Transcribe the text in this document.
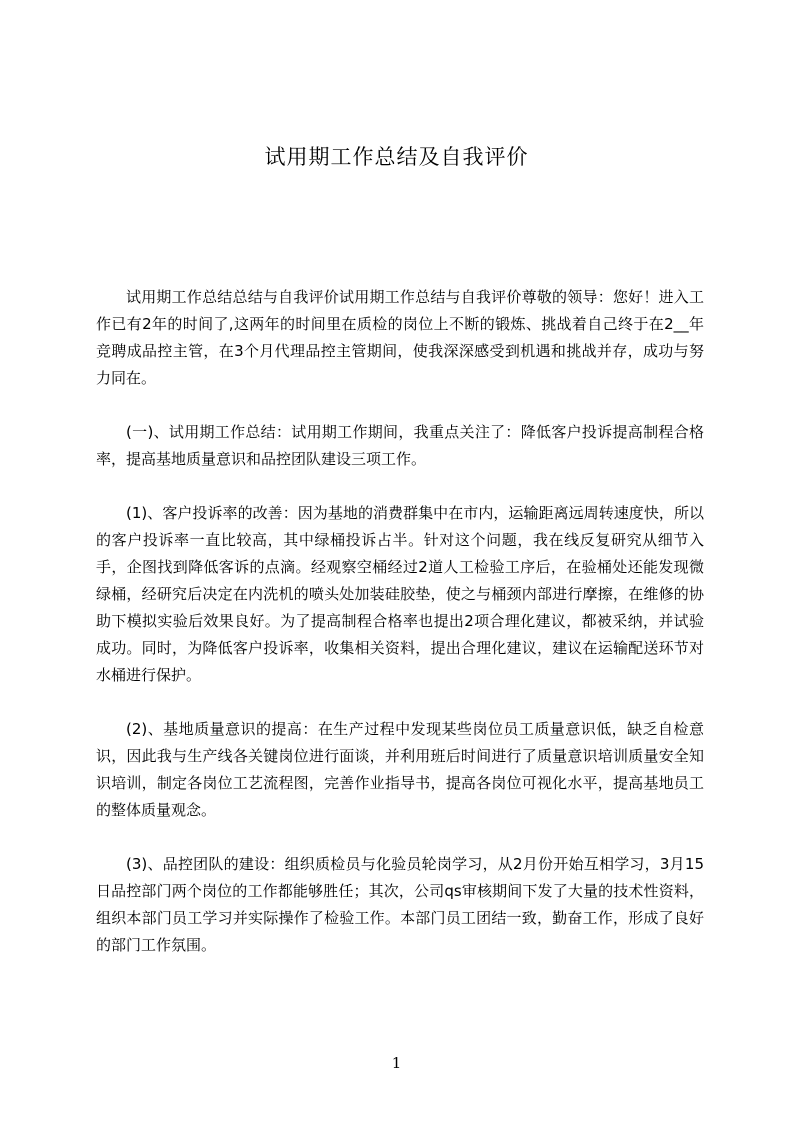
试用期工作总结及自我评价

试用期工作总结总结与自我评价试用期工作总结与自我评价尊敬的领导：您好！进入工作已有2年的时间了,这两年的时间里在质检的岗位上不断的锻炼、挑战着自己终于在2__年竞聘成品控主管，在3个月代理品控主管期间，使我深深感受到机遇和挑战并存，成功与努力同在。

(一)、试用期工作总结：试用期工作期间，我重点关注了：降低客户投诉提高制程合格率，提高基地质量意识和品控团队建设三项工作。

(1)、客户投诉率的改善：因为基地的消费群集中在市内，运输距离远周转速度快，所以的客户投诉率一直比较高，其中绿桶投诉占半。针对这个问题，我在线反复研究从细节入手，企图找到降低客诉的点滴。经观察空桶经过2道人工检验工序后，在验桶处还能发现微绿桶，经研究后决定在内洗机的喷头处加装硅胶垫，使之与桶颈内部进行摩擦，在维修的协助下模拟实验后效果良好。为了提高制程合格率也提出2项合理化建议，都被采纳，并试验成功。同时，为降低客户投诉率，收集相关资料，提出合理化建议，建议在运输配送环节对水桶进行保护。

(2)、基地质量意识的提高：在生产过程中发现某些岗位员工质量意识低，缺乏自检意识，因此我与生产线各关键岗位进行面谈，并利用班后时间进行了质量意识培训质量安全知识培训，制定各岗位工艺流程图，完善作业指导书，提高各岗位可视化水平，提高基地员工的整体质量观念。

(3)、品控团队的建设：组织质检员与化验员轮岗学习，从2月份开始互相学习，3月15日品控部门两个岗位的工作都能够胜任；其次，公司qs审核期间下发了大量的技术性资料，组织本部门员工学习并实际操作了检验工作。本部门员工团结一致，勤奋工作，形成了良好的部门工作氛围。

1
